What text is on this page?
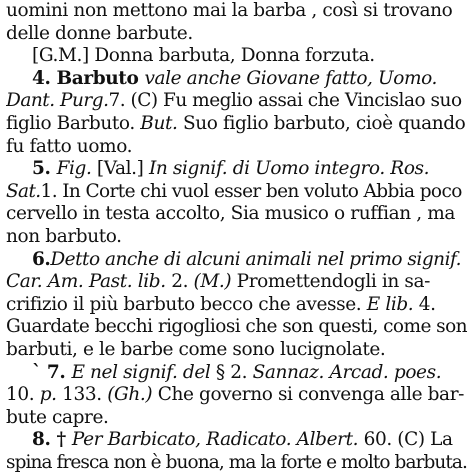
uomini non mettono mai la barba , così si trovano
delle donne barbute.
[G.M.] Donna barbuta, Donna forzuta.
4. Barbuto vale anche Giovane fatto, Uomo.
Dant. Purg.7. (C) Fu meglio assai che Vincislao suo
figlio Barbuto. But. Suo figlio barbuto, cioè quando
fu fatto uomo.
5. Fig. [Val.] In signif. di Uomo integro. Ros.
Sat.1. In Corte chi vuol esser ben voluto Abbia poco
cervello in testa accolto, Sia musico o ruffian , ma
non barbuto.
6.Detto anche di alcuni animali nel primo signif.
Car. Am. Past. lib. 2. (M.) Promettendogli in sa-
crifizio il più barbuto becco che avesse. E lib. 4.
Guardate becchi rigogliosi che son questi, come son
barbuti, e le barbe come sono lucignolate.
` 7. E nel signif. del § 2. Sannaz. Arcad. poes.
10. p. 133. (Gh.) Che governo si convenga alle bar-
bute capre.
8. † Per Barbicato, Radicato. Albert. 60. (C) La
spina fresca non è buona, ma la forte e molto barbuta.
